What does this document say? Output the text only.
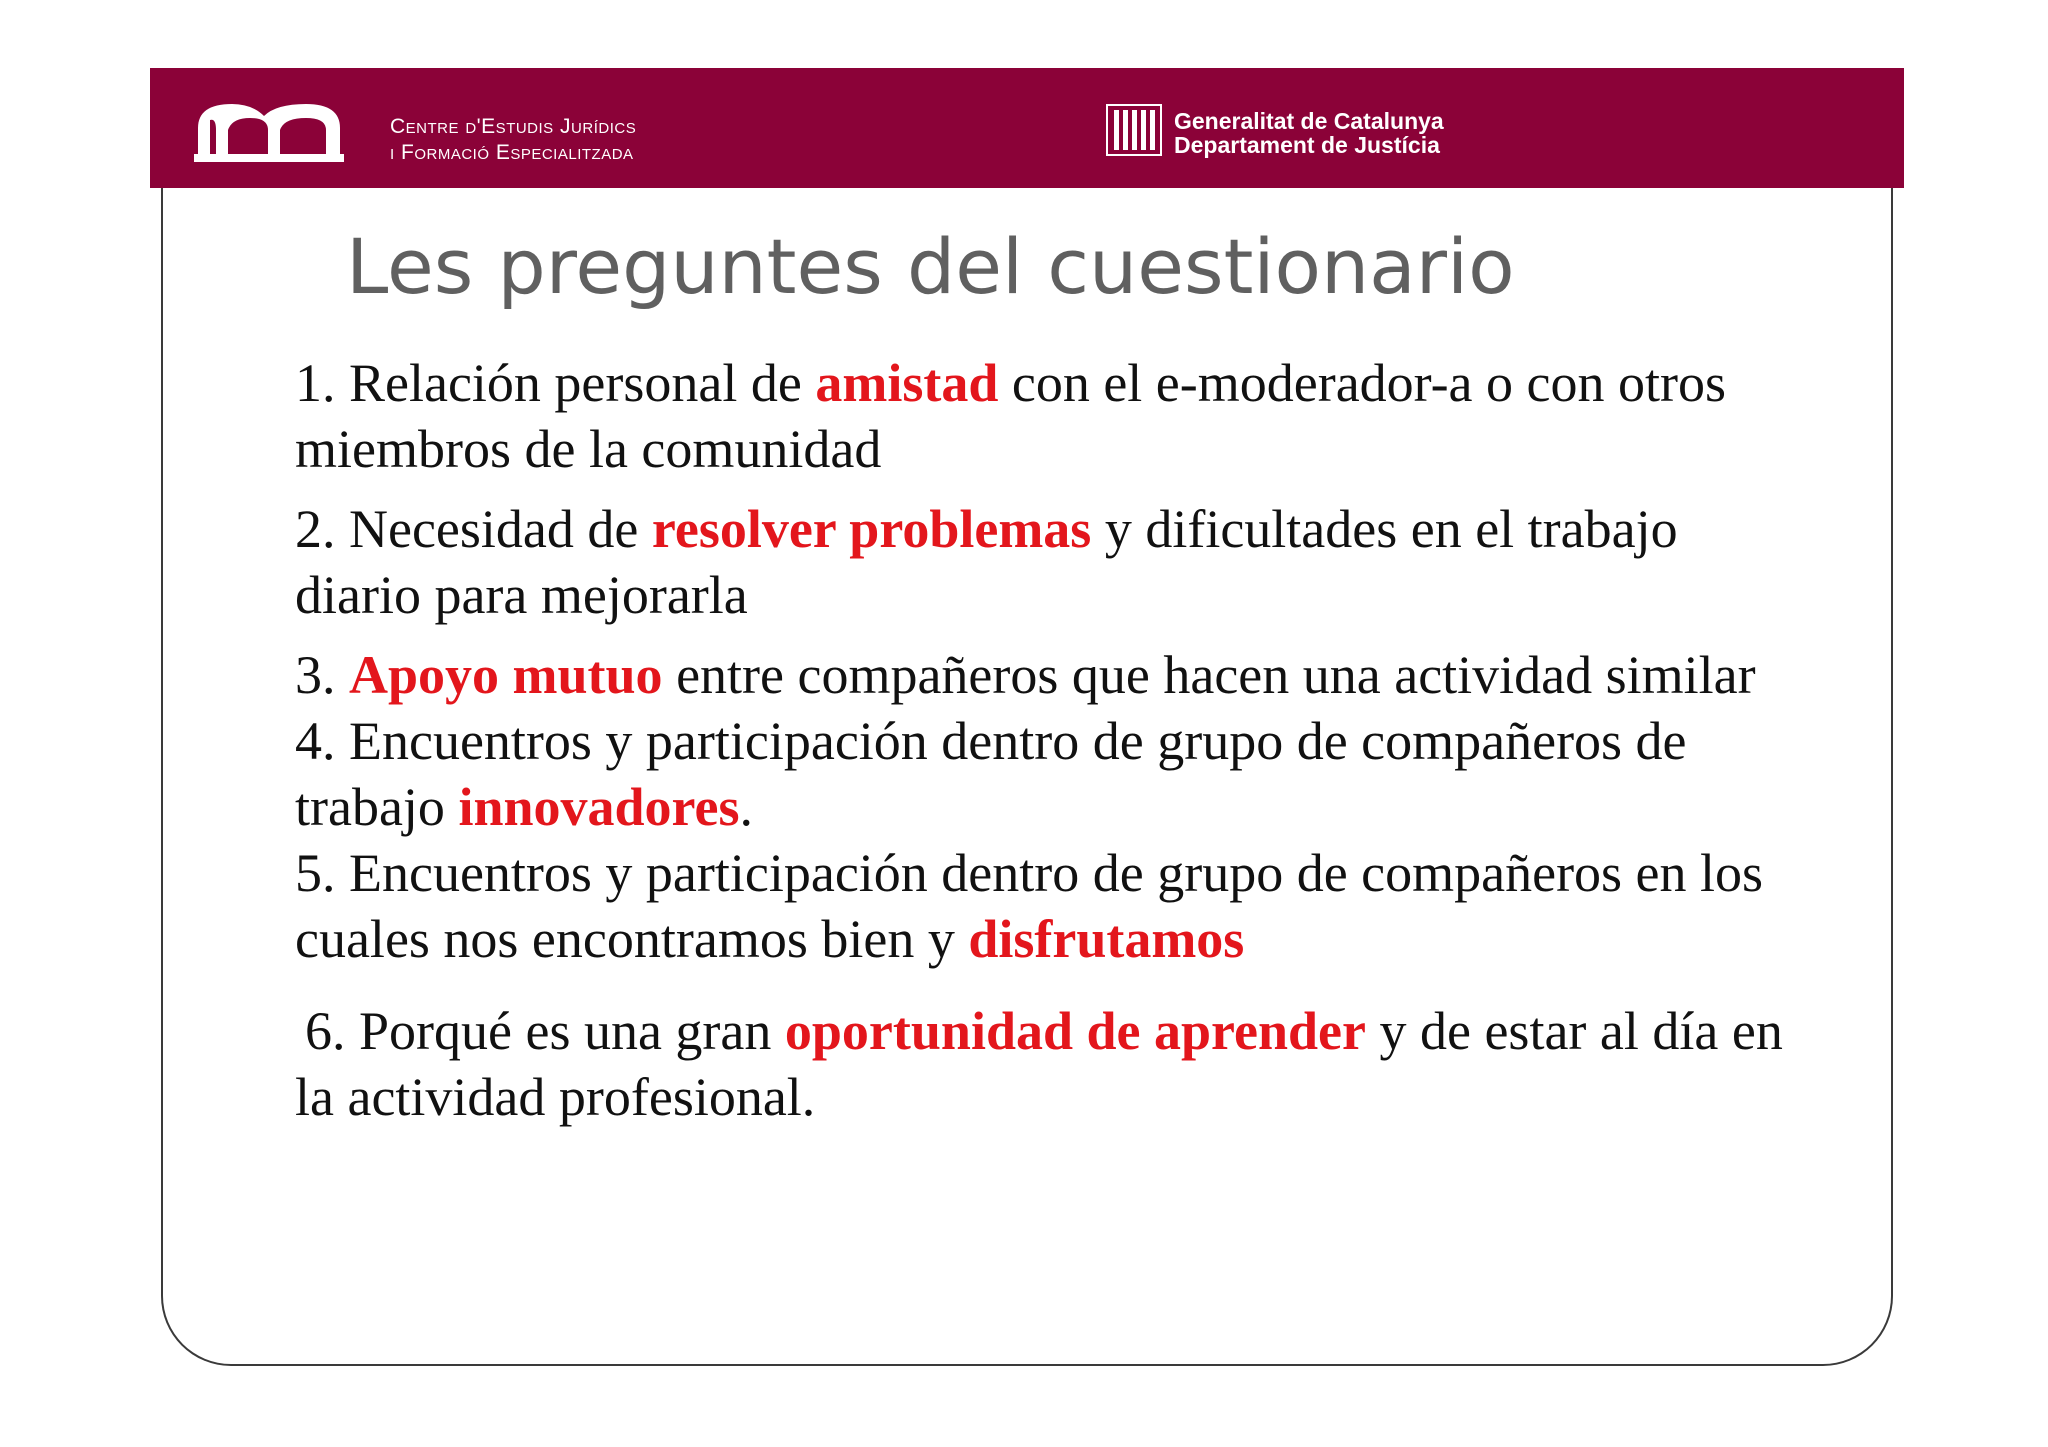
Centre d'Estudis Jurídics
i Formació Especialitzada
Generalitat de Catalunya
Departament de Justícia
Les preguntes del cuestionario
1. Relación personal de amistad con el e-moderador-a o con otros miembros de la comunidad
2. Necesidad de resolver problemas y dificultades en el trabajo diario para mejorarla
3. Apoyo mutuo entre compañeros que hacen una actividad similar
4. Encuentros y participación dentro de grupo de compañeros de trabajo innovadores.
5. Encuentros y participación dentro de grupo de compañeros en los cuales nos encontramos bien y disfrutamos
6. Porqué es una gran oportunidad de aprender y de estar al día en la actividad profesional.
